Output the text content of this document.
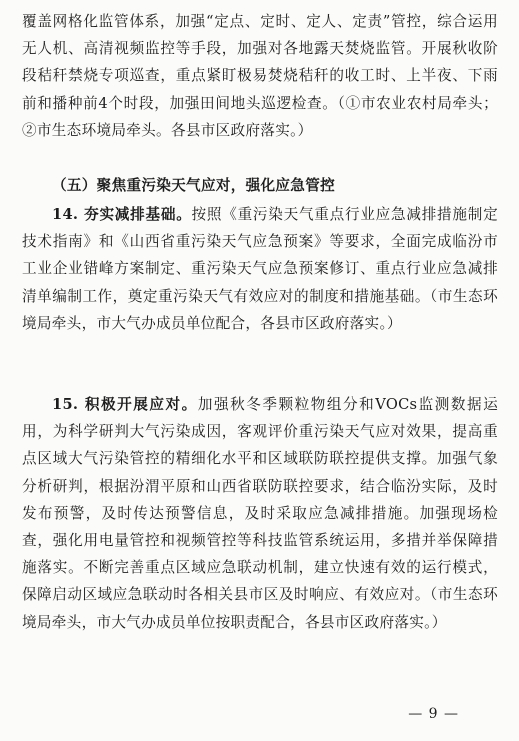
覆盖网格化监管体系，加强“定点、定时、定人、定责”管控，综合运用无人机、高清视频监控等手段，加强对各地露天焚烧监管。开展秋收阶段秸秆禁烧专项巡查，重点紧盯极易焚烧秸秆的收工时、上半夜、下雨前和播种前4个时段，加强田间地头巡逻检查。（①市农业农村局牵头；②市生态环境局牵头。各县市区政府落实。）

（五）聚焦重污染天气应对，强化应急管控

14. 夯实减排基础。按照《重污染天气重点行业应急减排措施制定技术指南》和《山西省重污染天气应急预案》等要求，全面完成临汾市工业企业错峰方案制定、重污染天气应急预案修订、重点行业应急减排清单编制工作，奠定重污染天气有效应对的制度和措施基础。（市生态环境局牵头，市大气办成员单位配合，各县市区政府落实。）

15. 积极开展应对。加强秋冬季颗粒物组分和VOCs监测数据运用，为科学研判大气污染成因，客观评价重污染天气应对效果，提高重点区域大气污染管控的精细化水平和区域联防联控提供支撑。加强气象分析研判，根据汾渭平原和山西省联防联控要求，结合临汾实际，及时发布预警，及时传达预警信息，及时采取应急减排措施。加强现场检查，强化用电量管控和视频管控等科技监管系统运用，多措并举保障措施落实。不断完善重点区域应急联动机制，建立快速有效的运行模式，保障启动区域应急联动时各相关县市区及时响应、有效应对。（市生态环境局牵头，市大气办成员单位按职责配合，各县市区政府落实。）

— 9 —
